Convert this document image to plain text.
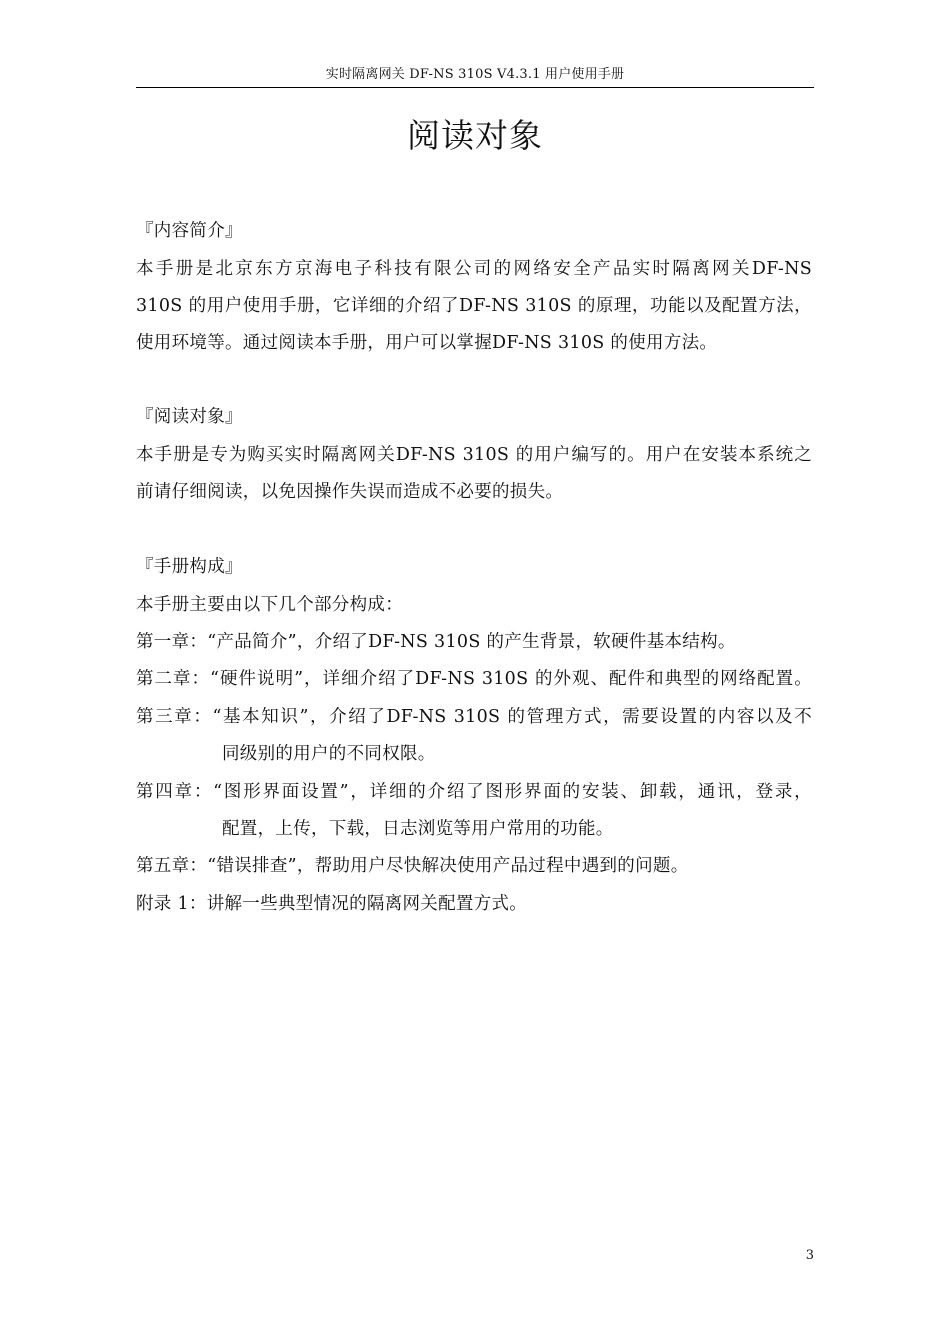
实时隔离网关 DF-NS 310S V4.3.1 用户使用手册
阅读对象
『内容简介』
本手册是北京东方京海电子科技有限公司的网络安全产品实时隔离网关DF-NS
310S 的用户使用手册，它详细的介绍了DF-NS 310S 的原理，功能以及配置方法，
使用环境等。通过阅读本手册，用户可以掌握DF-NS 310S 的使用方法。
『阅读对象』
本手册是专为购买实时隔离网关DF-NS 310S 的用户编写的。用户在安装本系统之
前请仔细阅读，以免因操作失误而造成不必要的损失。
『手册构成』
本手册主要由以下几个部分构成：
第一章：“产品简介”，介绍了DF-NS 310S 的产生背景，软硬件基本结构。
第二章：“硬件说明”，详细介绍了DF-NS 310S 的外观、配件和典型的网络配置。
第三章：“基本知识”，介绍了DF-NS 310S 的管理方式，需要设置的内容以及不
同级别的用户的不同权限。
第四章：“图形界面设置”，详细的介绍了图形界面的安装、卸载，通讯，登录，
配置，上传，下载，日志浏览等用户常用的功能。
第五章：“错误排查”，帮助用户尽快解决使用产品过程中遇到的问题。
附录 1：讲解一些典型情况的隔离网关配置方式。
3
